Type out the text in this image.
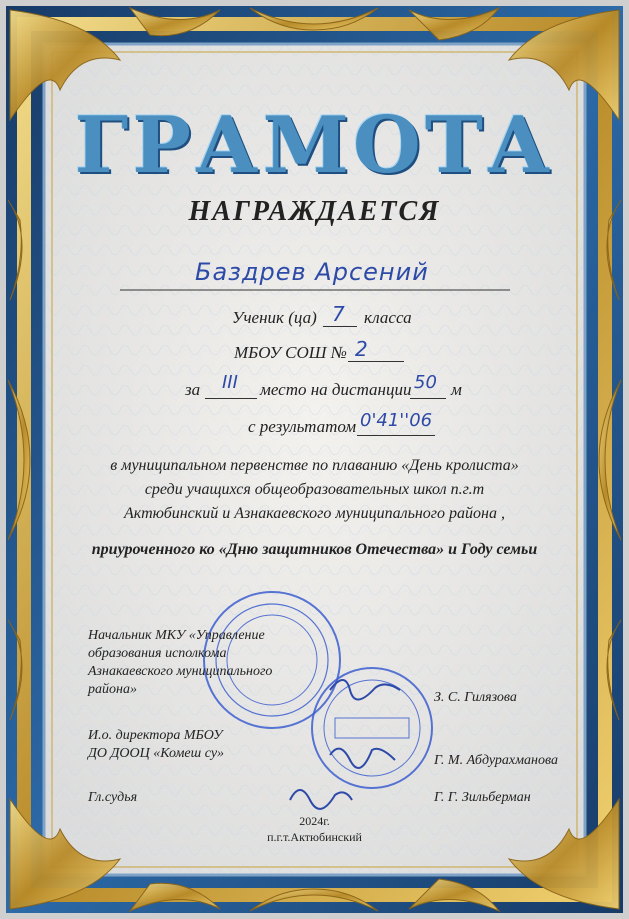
ГРАМОТА
НАГРАЖДАЕТСЯ
Баздрев Арсений
Ученик (ца) 7 класса
МБОУ СОШ № 2
за III место на дистанции 50 м
с результатом 0'41''06
в муниципальном первенстве по плаванию «День кролиста»
среди учащихся общеобразовательных школ п.г.т
Актюбинский и Азнакаевского муниципального района ,
приуроченного ко «Дню защитников Отечества» и Году семьи
Начальник МКУ «Управление
образования исполкома
Азнакаевского муниципального
района»
З. С. Гилязова
И.о. директора МБОУ
ДО ДООЦ «Комеш су»	Г. М. Абдурахманова
Гл.судья	Г. Г. Зильберман
2024г.
п.г.т.Актюбинский
